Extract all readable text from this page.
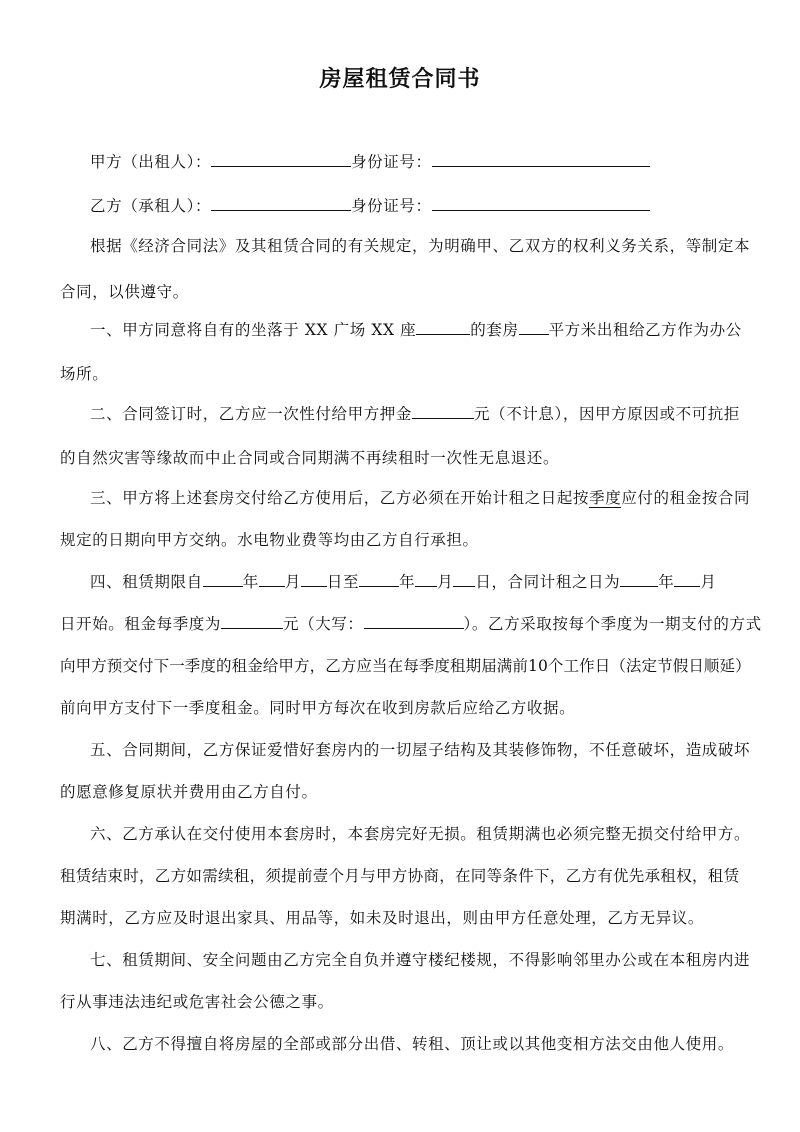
房屋租赁合同书
甲方（出租人）：	身份证号：
乙方（承租人）：	身份证号：
根据《经济合同法》及其租赁合同的有关规定，为明确甲、乙双方的权利义务关系，等制定本
合同，以供遵守。
一、甲方同意将自有的坐落于 XX 广场 XX 座	的套房 平方米出租给乙方作为办公
场所。
二、合同签订时，乙方应一次性付给甲方押金	元（不计息），因甲方原因或不可抗拒
的自然灾害等缘故而中止合同或合同期满不再续租时一次性无息退还。
三、甲方将上述套房交付给乙方使用后，乙方必须在开始计租之日起按季度应付的租金按合同
规定的日期向甲方交纳。水电物业费等均由乙方自行承担。
四、租赁期限自	年 月 日至	年 月 日，合同计租之日为 年 月
日开始。租金每季度为	元（大写：	）。乙方采取按每个季度为一期支付的方式
向甲方预交付下一季度的租金给甲方，乙方应当在每季度租期届满前10个工作日（法定节假日顺延）
前向甲方支付下一季度租金。同时甲方每次在收到房款后应给乙方收据。
五、合同期间，乙方保证爱惜好套房内的一切屋子结构及其装修饰物，不任意破坏，造成破坏
的愿意修复原状并费用由乙方自付。
六、乙方承认在交付使用本套房时，本套房完好无损。租赁期满也必须完整无损交付给甲方。
租赁结束时，乙方如需续租，须提前壹个月与甲方协商，在同等条件下，乙方有优先承租权，租赁
期满时，乙方应及时退出家具、用品等，如未及时退出，则由甲方任意处理，乙方无异议。
七、租赁期间、安全问题由乙方完全自负并遵守楼纪楼规，不得影响邻里办公或在本租房内进
行从事违法违纪或危害社会公德之事。
八、乙方不得擅自将房屋的全部或部分出借、转租、顶让或以其他变相方法交由他人使用。
